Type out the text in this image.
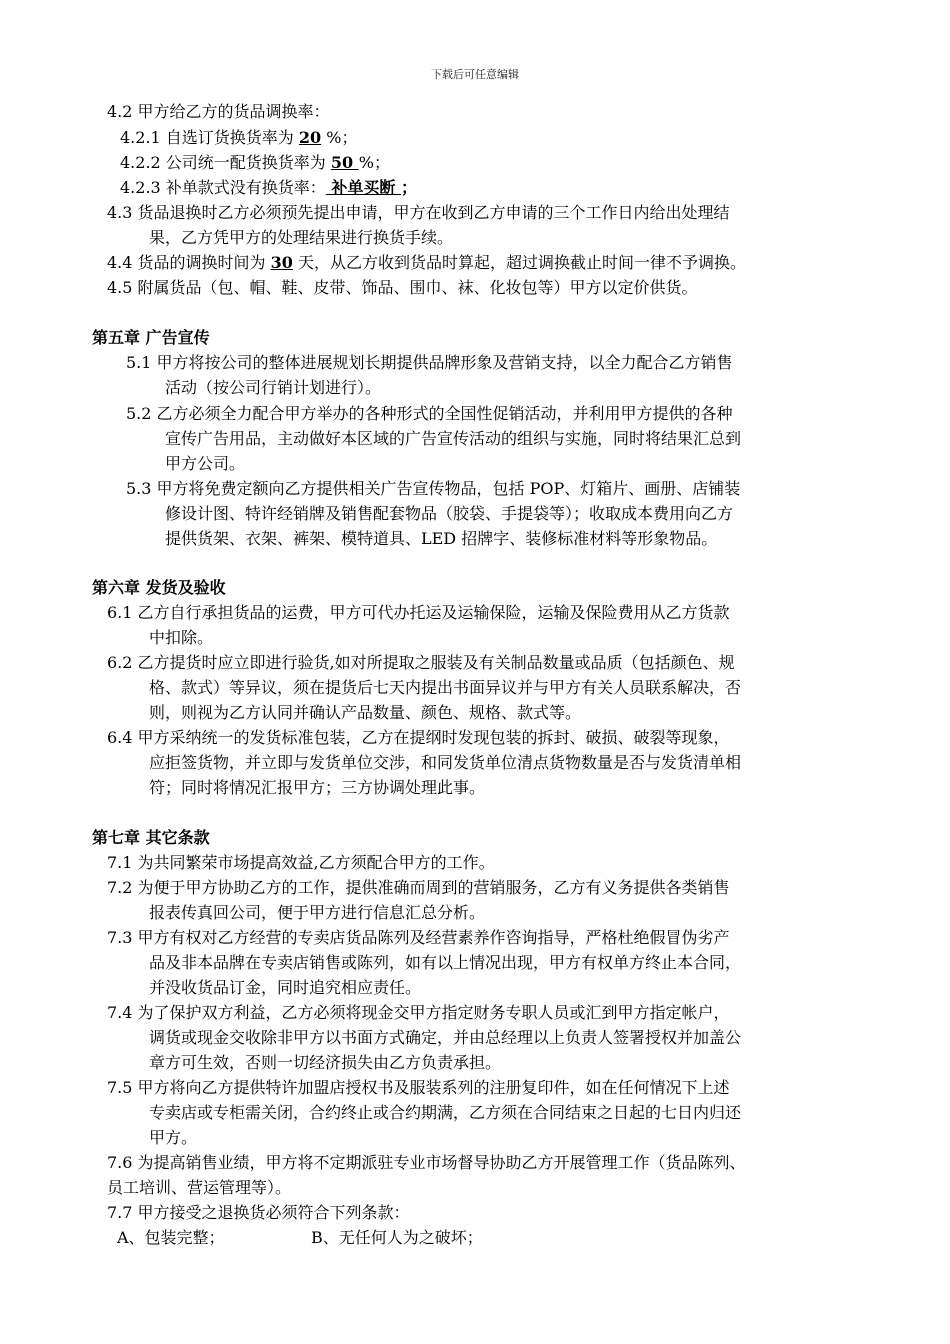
下载后可任意编辑
4.2 甲方给乙方的货品调换率：
4.2.1 自选订货换货率为 20 %；
4.2.2 公司统一配货换货率为 50 %；
4.2.3 补单款式没有换货率： 补单买断 ；
4.3 货品退换时乙方必须预先提出申请，甲方在收到乙方申请的三个工作日内给出处理结
果，乙方凭甲方的处理结果进行换货手续。
4.4 货品的调换时间为 30 天，从乙方收到货品时算起，超过调换截止时间一律不予调换。
4.5 附属货品（包、帽、鞋、皮带、饰品、围巾、袜、化妆包等）甲方以定价供货。
第五章 广告宣传
5.1 甲方将按公司的整体进展规划长期提供品牌形象及营销支持，以全力配合乙方销售
活动（按公司行销计划进行）。
5.2 乙方必须全力配合甲方举办的各种形式的全国性促销活动，并利用甲方提供的各种
宣传广告用品，主动做好本区域的广告宣传活动的组织与实施，同时将结果汇总到
甲方公司。
5.3 甲方将免费定额向乙方提供相关广告宣传物品，包括 POP、灯箱片、画册、店铺装
修设计图、特许经销牌及销售配套物品（胶袋、手提袋等）；收取成本费用向乙方
提供货架、衣架、裤架、模特道具、LED 招牌字、装修标准材料等形象物品。
第六章 发货及验收
6.1 乙方自行承担货品的运费，甲方可代办托运及运输保险，运输及保险费用从乙方货款
中扣除。
6.2 乙方提货时应立即进行验货,如对所提取之服装及有关制品数量或品质（包括颜色、规
格、款式）等异议，须在提货后七天内提出书面异议并与甲方有关人员联系解决，否
则，则视为乙方认同并确认产品数量、颜色、规格、款式等。
6.4 甲方采纳统一的发货标准包装，乙方在提纲时发现包装的拆封、破损、破裂等现象，
应拒签货物，并立即与发货单位交涉，和同发货单位清点货物数量是否与发货清单相
符；同时将情况汇报甲方；三方协调处理此事。
第七章 其它条款
7.1 为共同繁荣市场提高效益,乙方须配合甲方的工作。
7.2 为便于甲方协助乙方的工作，提供准确而周到的营销服务，乙方有义务提供各类销售
报表传真回公司，便于甲方进行信息汇总分析。
7.3 甲方有权对乙方经营的专卖店货品陈列及经营素养作咨询指导，严格杜绝假冒伪劣产
品及非本品牌在专卖店销售或陈列，如有以上情况出现，甲方有权单方终止本合同，
并没收货品订金，同时追究相应责任。
7.4 为了保护双方利益，乙方必须将现金交甲方指定财务专职人员或汇到甲方指定帐户，
调货或现金交收除非甲方以书面方式确定，并由总经理以上负责人签署授权并加盖公
章方可生效，否则一切经济损失由乙方负责承担。
7.5 甲方将向乙方提供特许加盟店授权书及服装系列的注册复印件，如在任何情况下上述
专卖店或专柜需关闭，合约终止或合约期满，乙方须在合同结束之日起的七日内归还
甲方。
7.6 为提高销售业绩，甲方将不定期派驻专业市场督导协助乙方开展管理工作（货品陈列、
员工培训、营运管理等）。
7.7 甲方接受之退换货必须符合下列条款：
A、包装完整；	B、无任何人为之破坏；
